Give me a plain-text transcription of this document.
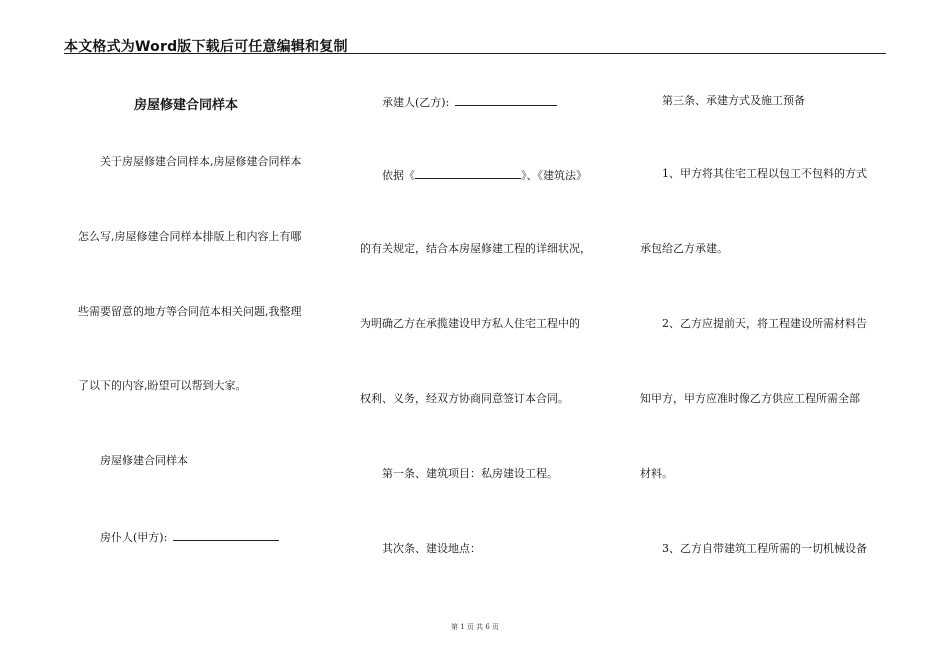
本文格式为Word版下载后可任意编辑和复制
房屋修建合同样本
关于房屋修建合同样本,房屋修建合同样本
怎么写,房屋修建合同样本排版上和内容上有哪
些需要留意的地方等合同范本相关问题,我整理
了以下的内容,盼望可以帮到大家。
房屋修建合同样本
房仆人(甲方):
承建人(乙方):
依据《	》、《建筑法》
的有关规定，结合本房屋修建工程的详细状况，
为明确乙方在承揽建设甲方私人住宅工程中的
权利、义务，经双方协商同意签订本合同。
第一条、建筑项目：私房建设工程。
其次条、建设地点：
第三条、承建方式及施工预备
1、甲方将其住宅工程以包工不包料的方式
承包给乙方承建。
2、乙方应提前天，将工程建设所需材料告
知甲方，甲方应准时像乙方供应工程所需全部
材料。
3、乙方自带建筑工程所需的一切机械设备
第 1 页 共 6 页
